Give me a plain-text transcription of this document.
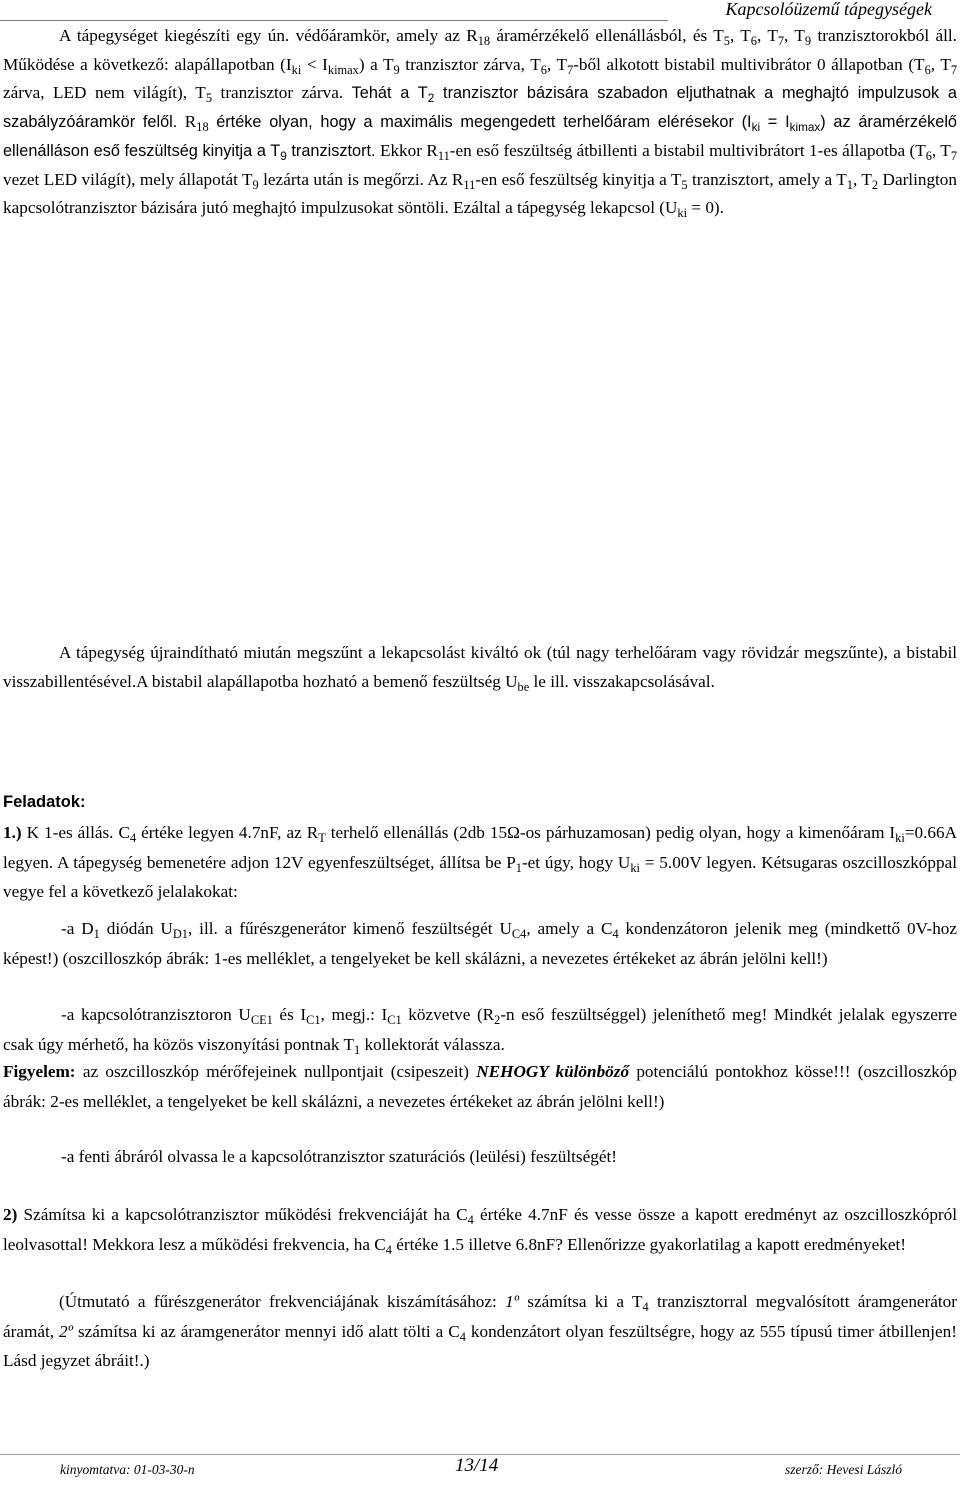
Kapcsolóüzemű tápegységek

A tápegységet kiegészíti egy ún. védőáramkör, amely az $R_{18}$ áramérzékelő ellenállásból, és $T_5$, $T_6$, $T_7$, $T_9$ tranzisztorokból áll. Működése a következő: alapállapotban $(I_{ki} < I_{kimax})$ a $T_9$ tranzisztor zárva, $T_6$, $T_7$-ből alkotott bistabil multivibrátor 0 állapotban ($T_6$, $T_7$ zárva, LED nem világít), $T_5$ tranzisztor zárva. Tehát a $T_2$ tranzisztor bázisára szabadon eljuthatnak a meghajtó impulzusok a szabályzóáramkör felől. $R_{18}$ értéke olyan, hogy a maximális megengedett terhelőáram elérésekor $(I_{ki} = I_{kimax})$ az áramérzékelő ellenálláson eső feszültség kinyitja a $T_9$ tranzisztort. Ekkor $R_{11}-en$ eső feszültség átbillenti a bistabil multivibrátort 1-es állapotba ($T_6$, $T_7$ vezet LED világít), mely állapotát $T_9$ lezárta után is megőrzi. Az $R_{11}-en$ eső feszültség kinyitja a $T_5$ tranzisztort, amely a $T_1$, $T_2$ Darlington kapcsolótranzisztor bázisára jutó meghajtó impulzusokat söntöli. Ezáltal a tápegység lekapcsol $(U_{ki} = 0)$.

A tápegység újraindítható miután megszűnt a lekapcsolást kiváltó ok (túl nagy terhelőáram vagy rövidzár megszűnte), a bistabil visszabillentésével.A bistabil alapállapotba hozható a bemenő feszültség $U_{be}$ le ill. visszakapcsolásával.

Feladatok:

1.) K 1-es állás. $C_4$ értéke legyen 4.7nF, az $R_T$ terhelő ellenállás (2db 15Ω-os párhuzamosan) pedig olyan, hogy a kimenőáram $I_{ki}=0.66A$ legyen. A tápegység bemenetére adjon 12V egyenfeszültséget, állítsa be $P_1-et$ úgy, hogy $U_{ki} = 5.00V$ legyen. Kétsugaras oszcilloszkóppal vegye fel a következő jelalakokat:

-a $D_1$ diódán $U_{D1}$, ill. a fűrészgenerátor kimenő feszültségét $U_{C4}$, amely a $C_4$ kondenzátoron jelenik meg (mindkettő 0V-hoz képest!) (oszcilloszkóp ábrák: 1-es melléklet, a tengelyeket be kell skálázni, a nevezetes értékeket az ábrán jelölni kell!)

-a kapcsolótranzisztoron $U_{CE1}$ és $I_{C1}$, megj.: $I_{C1}$ közvetve ($R_2-n$ eső feszültséggel) jeleníthető meg! Mindkét jelalak egyszerre csak úgy mérhető, ha közös viszonyítási pontnak $T_1$ kollektorát válassza.

Figyelem: az oszcilloszkóp mérőfejeinek nullpontjait (csipeszeit) NEHOGY különböző potenciálú pontokhoz kösse!!! (oszcilloszkóp ábrák: 2-es melléklet, a tengelyeket be kell skálázni, a nevezetes értékeket az ábrán jelölni kell!)

-a fenti ábráról olvassa le a kapcsolótranzisztor szaturációs (leülési) feszültségét!

2) Számítsa ki a kapcsolótranzisztor működési frekvenciáját ha $C_4$ értéke 4.7nF és vesse össze a kapott eredményt az oszcilloszkópról leolvasottal! Mekkora lesz a működési frekvencia, ha $C_4$ értéke 1.5 illetve 6.8nF? Ellenőrizze gyakorlatilag a kapott eredményeket!

(Útmutató a fűrészgenerátor frekvenciájának kiszámításához: 1º számítsa ki a $T_4$ tranzisztorral megvalósított áramgenerátor áramát, 2º számítsa ki az áramgenerátor mennyi idő alatt tölti a $C_4$ kondenzátort olyan feszültségre, hogy az 555 típusú timer átbillenjen! Lásd jegyzet ábráit!.)

kinyomtatva: 01-03-30-n	13/14	szerző: Hevesi László
